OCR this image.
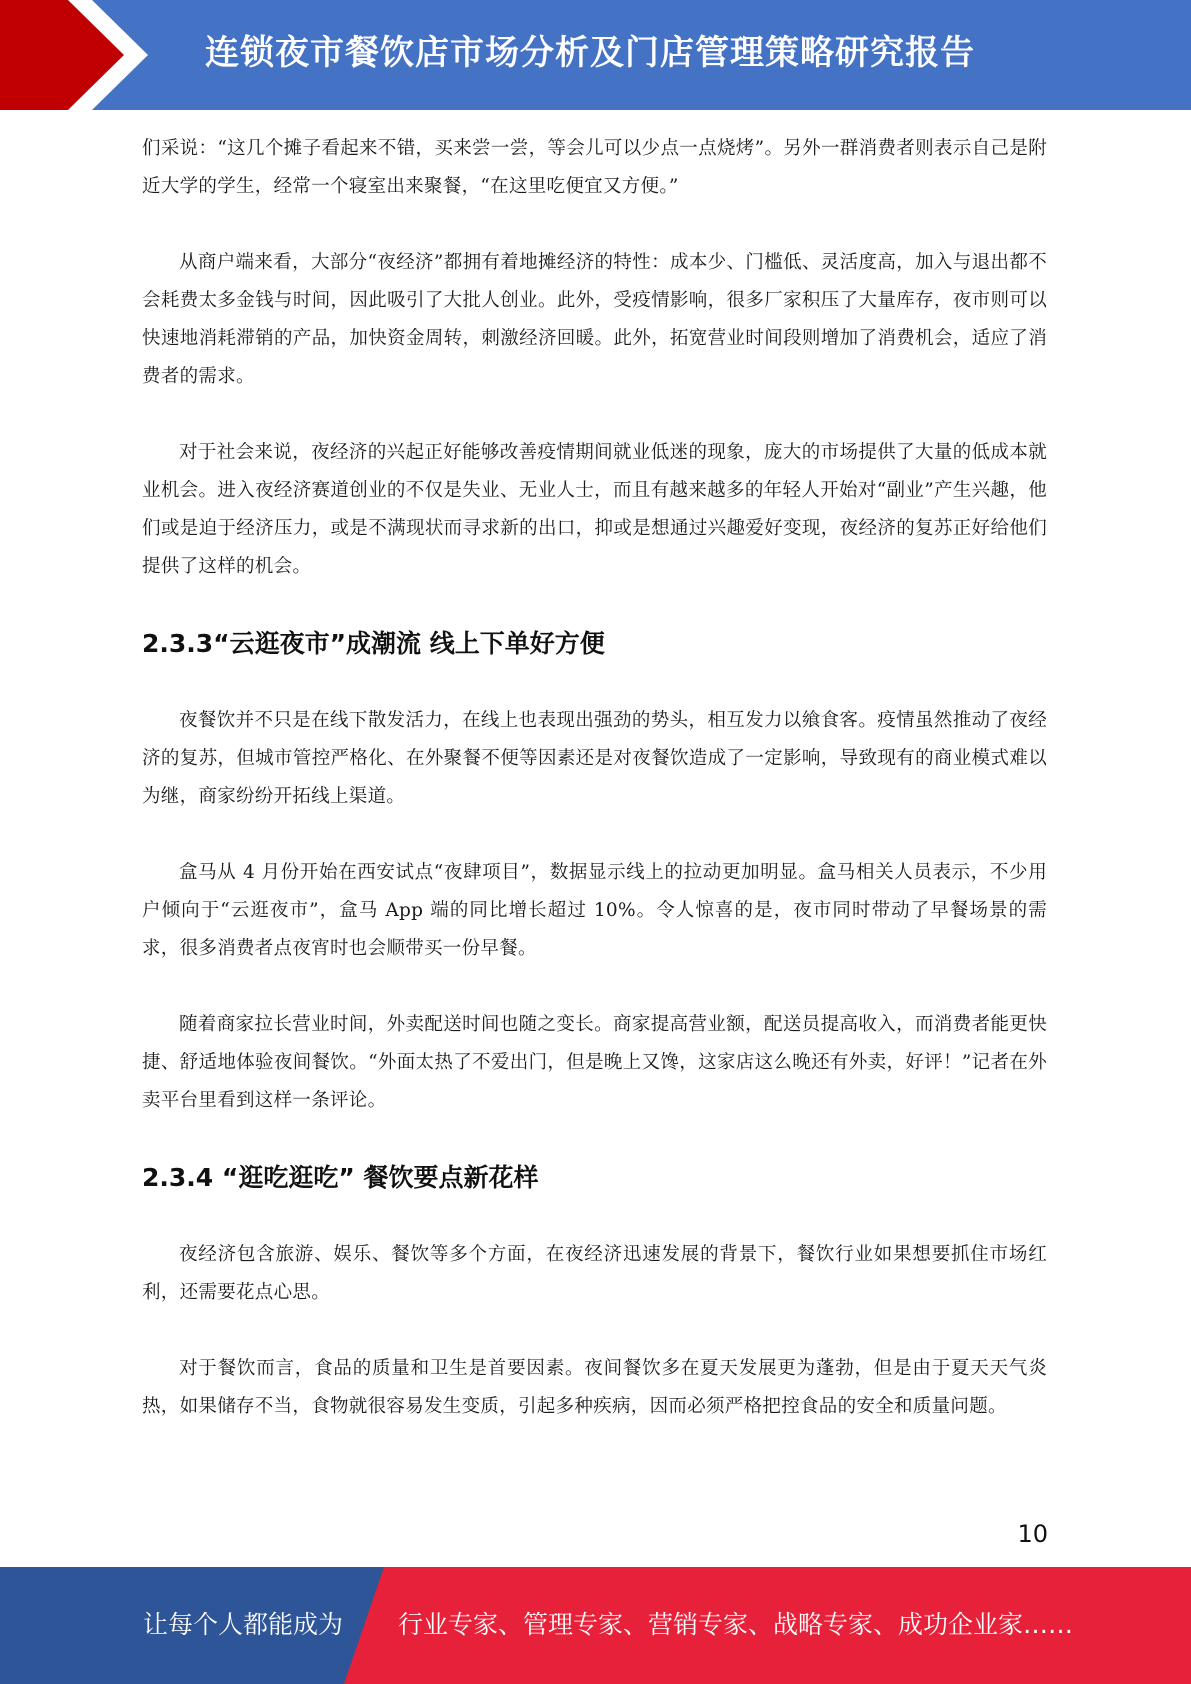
连锁夜市餐饮店市场分析及门店管理策略研究报告

们采说：“这几个摊子看起来不错，买来尝一尝，等会儿可以少点一点烧烤”。另外一群消费者则表示自己是附近大学的学生，经常一个寝室出来聚餐，“在这里吃便宜又方便。”

从商户端来看，大部分“夜经济”都拥有着地摊经济的特性：成本少、门槛低、灵活度高，加入与退出都不会耗费太多金钱与时间，因此吸引了大批人创业。此外，受疫情影响，很多厂家积压了大量库存，夜市则可以快速地消耗滞销的产品，加快资金周转，刺激经济回暖。此外，拓宽营业时间段则增加了消费机会，适应了消费者的需求。

对于社会来说，夜经济的兴起正好能够改善疫情期间就业低迷的现象，庞大的市场提供了大量的低成本就业机会。进入夜经济赛道创业的不仅是失业、无业人士，而且有越来越多的年轻人开始对“副业”产生兴趣，他们或是迫于经济压力，或是不满现状而寻求新的出口，抑或是想通过兴趣爱好变现，夜经济的复苏正好给他们提供了这样的机会。

2.3.3“云逛夜市”成潮流 线上下单好方便

夜餐饮并不只是在线下散发活力，在线上也表现出强劲的势头，相互发力以飨食客。疫情虽然推动了夜经济的复苏，但城市管控严格化、在外聚餐不便等因素还是对夜餐饮造成了一定影响，导致现有的商业模式难以为继，商家纷纷开拓线上渠道。

盒马从 4 月份开始在西安试点“夜肆项目”，数据显示线上的拉动更加明显。盒马相关人员表示，不少用户倾向于“云逛夜市”，盒马 App 端的同比增长超过 10%。令人惊喜的是，夜市同时带动了早餐场景的需求，很多消费者点夜宵时也会顺带买一份早餐。

随着商家拉长营业时间，外卖配送时间也随之变长。商家提高营业额，配送员提高收入，而消费者能更快捷、舒适地体验夜间餐饮。“外面太热了不爱出门，但是晚上又馋，这家店这么晚还有外卖，好评！”记者在外卖平台里看到这样一条评论。

2.3.4 “逛吃逛吃” 餐饮要点新花样

夜经济包含旅游、娱乐、餐饮等多个方面，在夜经济迅速发展的背景下，餐饮行业如果想要抓住市场红利，还需要花点心思。

对于餐饮而言，食品的质量和卫生是首要因素。夜间餐饮多在夏天发展更为蓬勃，但是由于夏天天气炎热，如果储存不当，食物就很容易发生变质，引起多种疾病，因而必须严格把控食品的安全和质量问题。

10
让每个人都能成为 行业专家、管理专家、营销专家、战略专家、成功企业家……
